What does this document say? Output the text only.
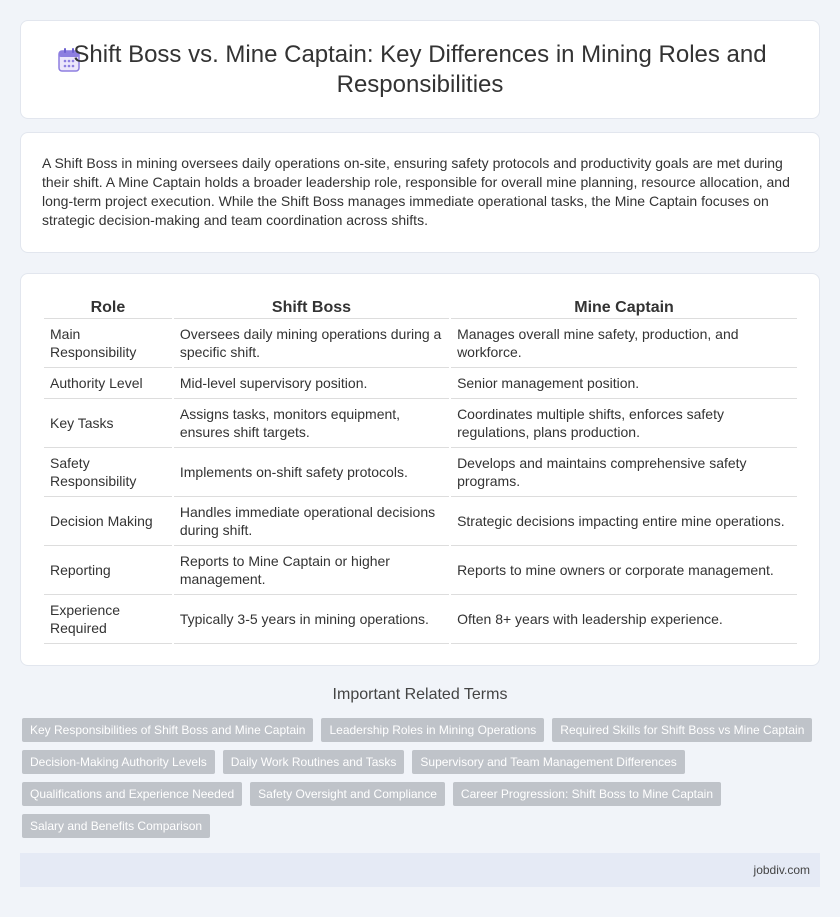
Shift Boss vs. Mine Captain: Key Differences in Mining Roles and Responsibilities

A Shift Boss in mining oversees daily operations on-site, ensuring safety protocols and productivity goals are met during their shift. A Mine Captain holds a broader leadership role, responsible for overall mine planning, resource allocation, and long-term project execution. While the Shift Boss manages immediate operational tasks, the Mine Captain focuses on strategic decision-making and team coordination across shifts.

Role	Shift Boss	Mine Captain
Main Responsibility	Oversees daily mining operations during a specific shift.	Manages overall mine safety, production, and workforce.
Authority Level	Mid-level supervisory position.	Senior management position.
Key Tasks	Assigns tasks, monitors equipment, ensures shift targets.	Coordinates multiple shifts, enforces safety regulations, plans production.
Safety Responsibility	Implements on-shift safety protocols.	Develops and maintains comprehensive safety programs.
Decision Making	Handles immediate operational decisions during shift.	Strategic decisions impacting entire mine operations.
Reporting	Reports to Mine Captain or higher management.	Reports to mine owners or corporate management.
Experience Required	Typically 3-5 years in mining operations.	Often 8+ years with leadership experience.
Important Related Terms
Key Responsibilities of Shift Boss and Mine Captain	Leadership Roles in Mining Operations	Required Skills for Shift Boss vs Mine Captain
Decision-Making Authority Levels	Daily Work Routines and Tasks	Supervisory and Team Management Differences
Qualifications and Experience Needed	Safety Oversight and Compliance	Career Progression: Shift Boss to Mine Captain
Salary and Benefits Comparison
jobdiv.com
